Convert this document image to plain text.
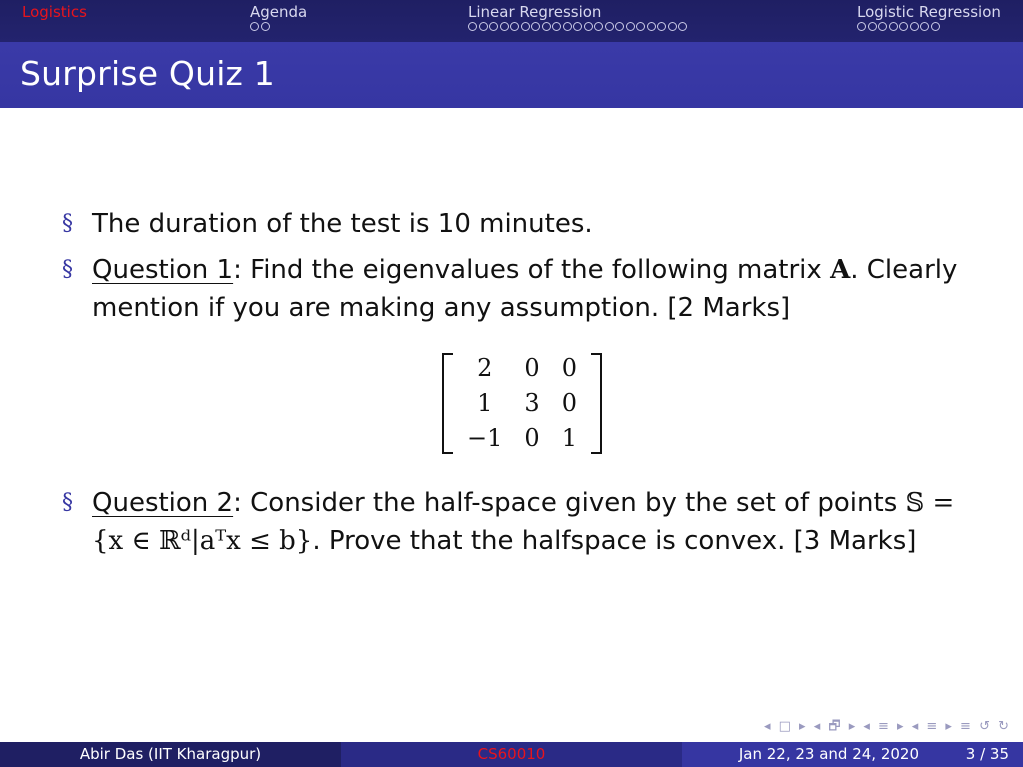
Logistics	Agenda	Linear Regression	Logistic Regression
Surprise Quiz 1
§ The duration of the test is 10 minutes.
§ Question 1: Find the eigenvalues of the following matrix A. Clearly mention if you are making any assumption. [2 Marks]
2	0	0
1	3	0
−1	0	1
§ Question 2: Consider the half-space given by the set of points 𝕊 = {x ∈ ℝᵈ|aᵀx ≤ b}. Prove that the halfspace is convex. [3 Marks]
◂ □ ▸ ◂ 🗗 ▸ ◂ ≡ ▸ ◂ ≡ ▸ ≡ ↺ ↻
Abir Das (IIT Kharagpur)	CS60010	Jan 22, 23 and 24, 2020	3 / 35
